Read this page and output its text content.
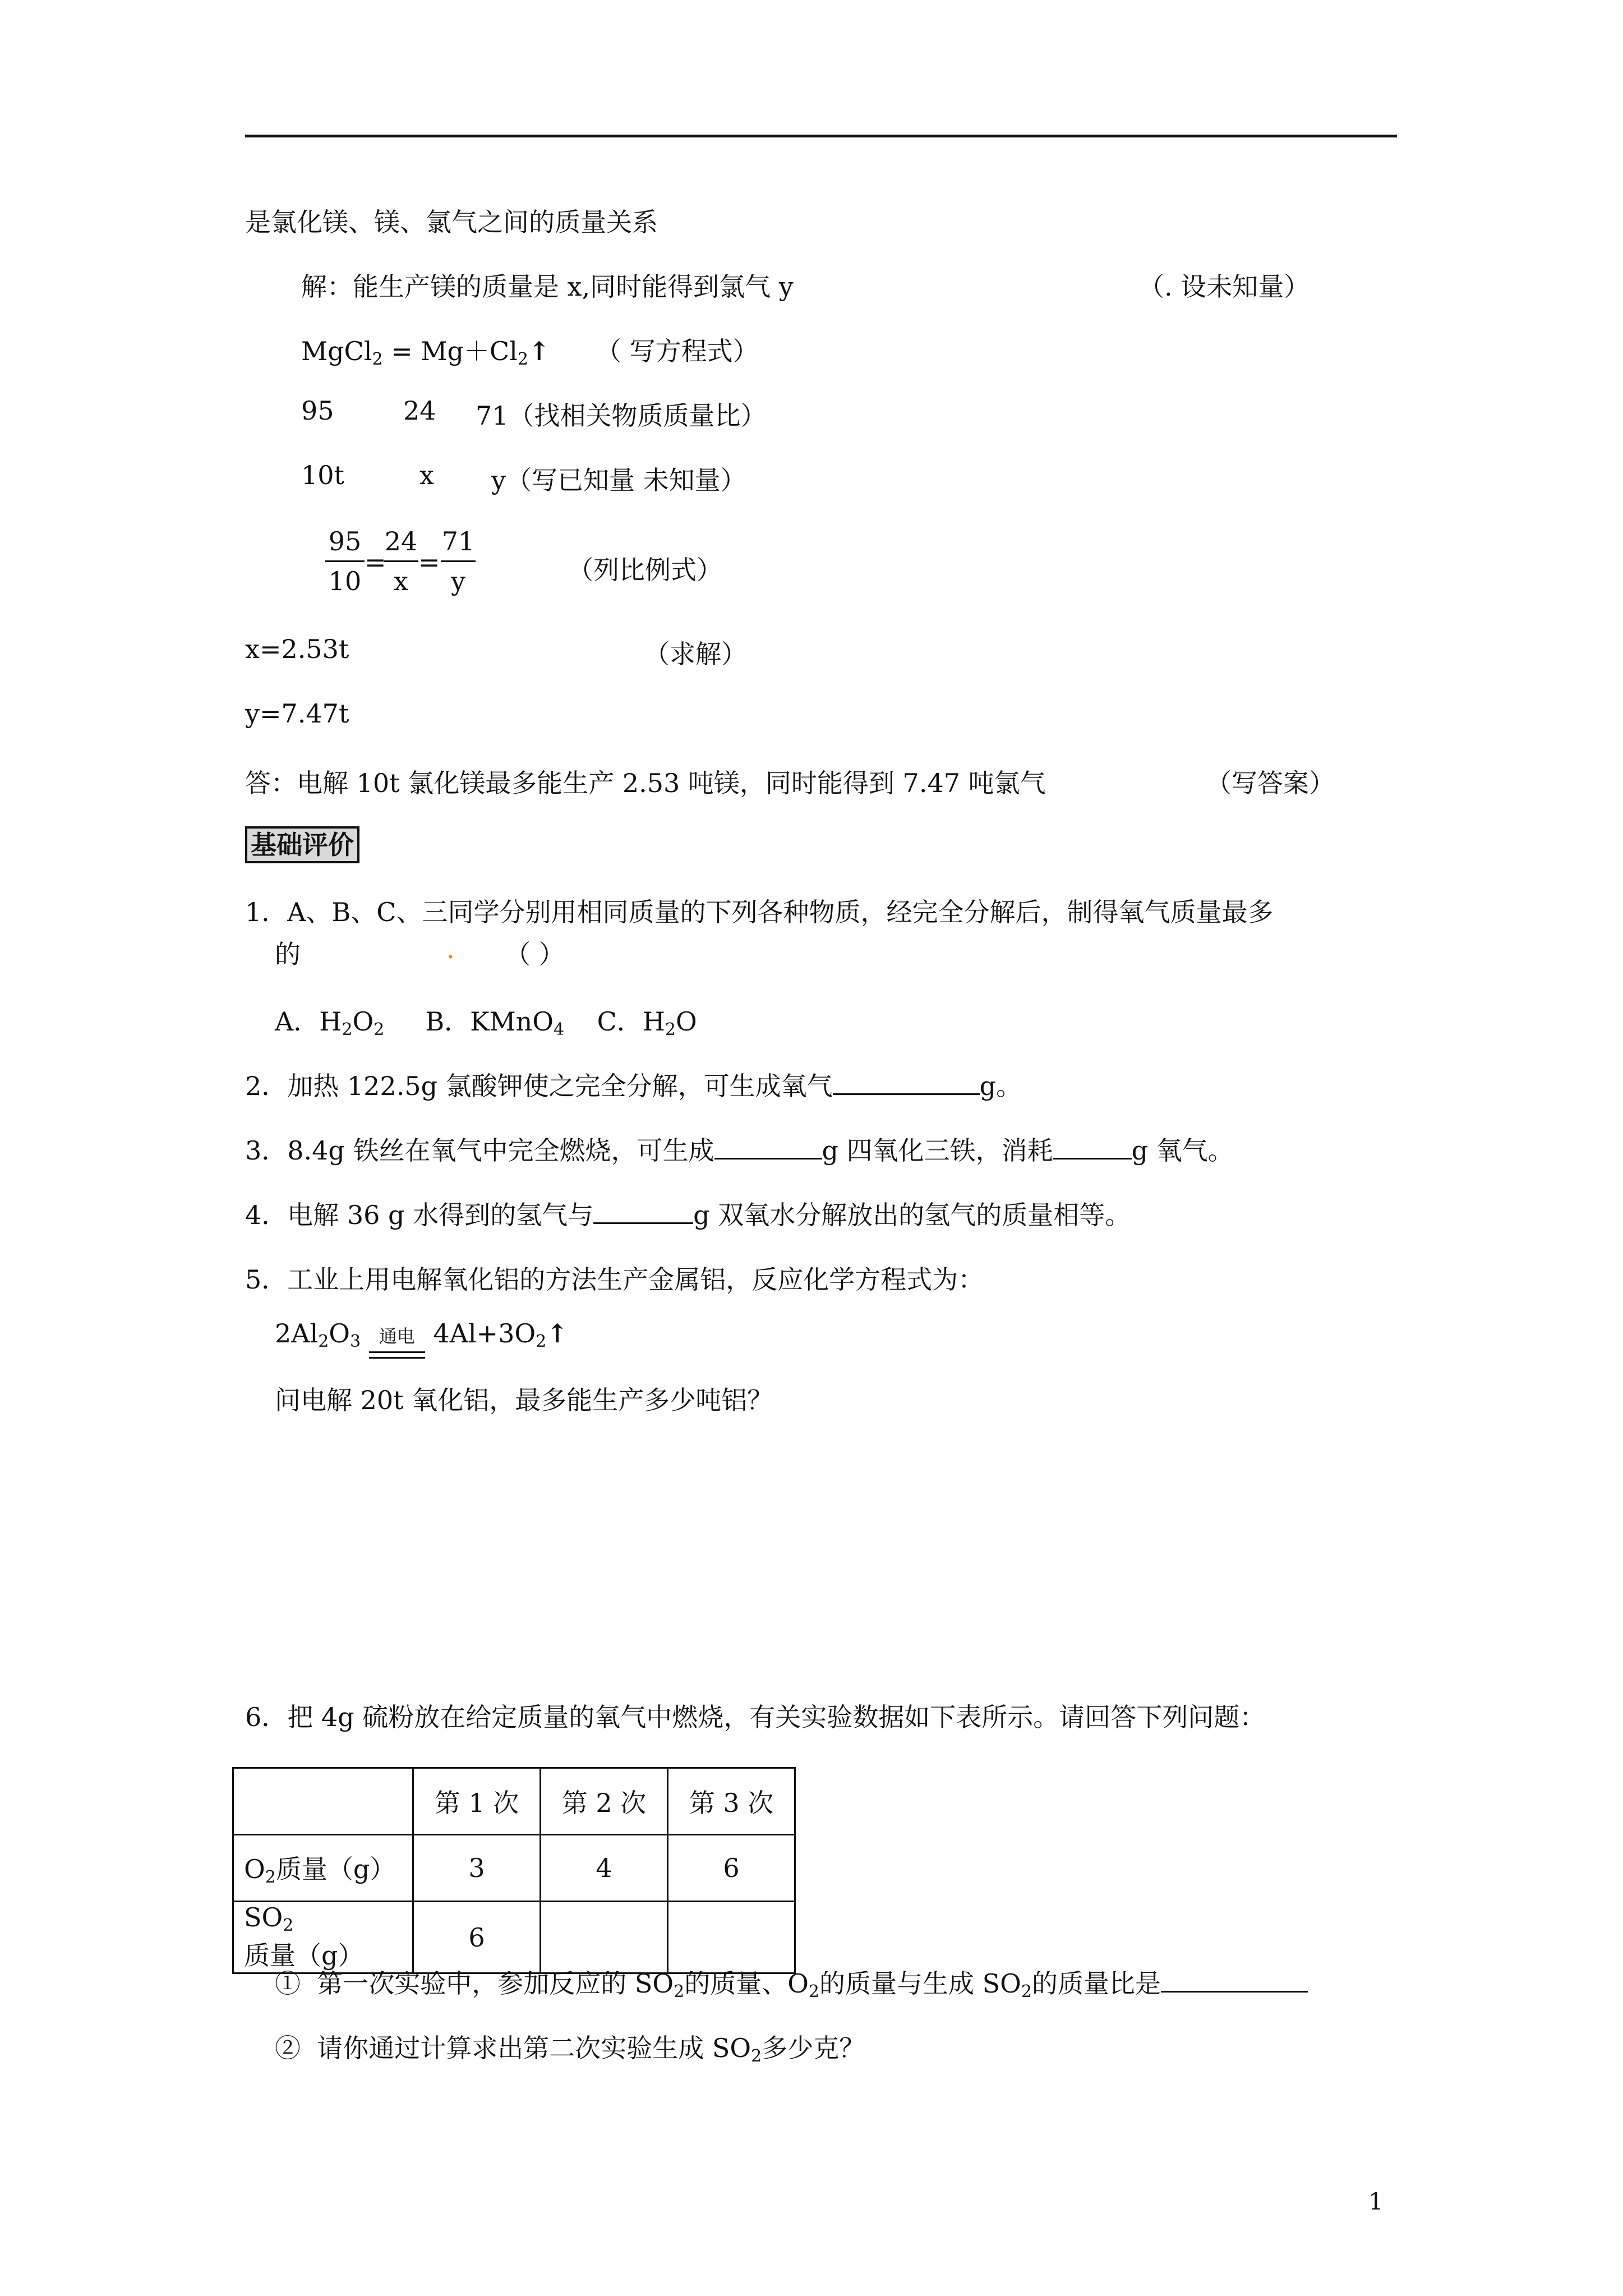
是氯化镁、镁、氯气之间的质量关系
解：能生产镁的质量是 x,同时能得到氯气 y	（. 设未知量）
MgCl$_2$ = $Mg+Cl_2↑$ （ 写方程式）
95	24 71（找相关物质质量比）
10t	x y（写已知量 未知量）
95
10
=
24
x
=
71
y	（列比例式）
x=2.53t	（求解）
y=7.47t
答：电解 10t 氯化镁最多能生产 2.53 吨镁，同时能得到 7.47 吨氯气	（写答案）
基础评价
1．A、B、C、三同学分别用相同质量的下列各种物质，经完全分解后，制得氧气质量最多
的	. （ ）
A．$H_2O_2$ B．KMnO$_4$ C．$H_2O$
2．加热 122.5g 氯酸钾使之完全分解，可生成氧气	g。
3．8.4g 铁丝在氧气中完全燃烧，可生成	g 四氧化三铁，消耗	g 氧气。
4．电解 36 g 水得到的氢气与	g 双氧水分解放出的氢气的质量相等。
5．工业上用电解氧化铝的方法生产金属铝，反应化学方程式为：
$2Al_2O_3$ 通电 $4Al+3O_2↑$
问电解 20t 氧化铝，最多能生产多少吨铝？
6．把 4g 硫粉放在给定质量的氧气中燃烧，有关实验数据如下表所示。请回答下列问题：
	第 1 次	第 2 次	第 3 次
$O_2$质量（g）	3	4	6
$SO_2$质量（g）	6		
① 第一次实验中，参加反应的 $SO_2$的质量、$O_2$的质量与生成 $SO_2$的质量比是
② 请你通过计算求出第二次实验生成 $SO_2$多少克？
1
